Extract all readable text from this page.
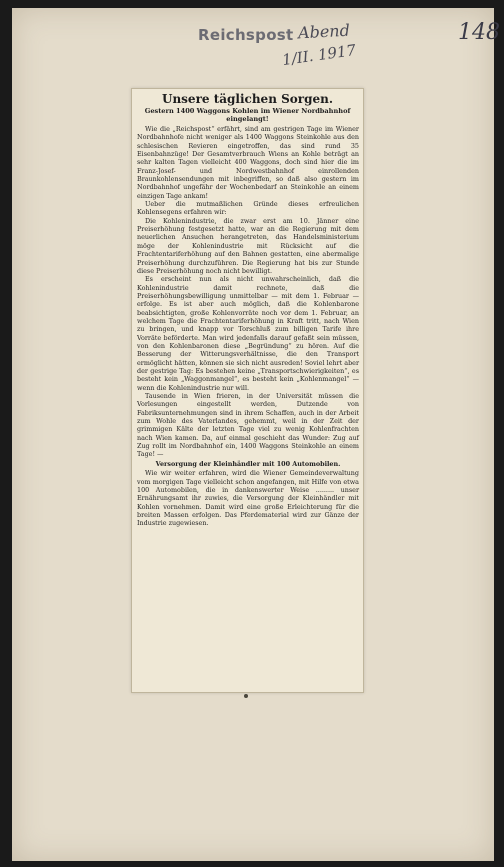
Reichspost Abend
1/II. 1917
148
Unsere täglichen Sorgen.
Gestern 1400 Waggons Kohlen im Wiener Nordbahnhof eingelangt!

Wie die „Reichspost“ erfährt, sind am gestrigen Tage im Wiener Nordbahnhofe nicht weniger als 1400 Waggons Steinkohle aus den schlesischen Revieren eingetroffen, das sind rund 35 Eisenbahnzüge! Der Gesamtverbrauch Wiens an Kohle beträgt an sehr kalten Tagen vielleicht 400 Waggons, doch sind hier die im Franz-Josef- und Nordwestbahnhof einrollenden Braunkohlensendungen mit inbegriffen, so daß also gestern im Nordbahnhof ungefähr der Wochenbedarf an Steinkohle an einem einzigen Tage ankam!

Ueber die mutmaßlichen Gründe dieses erfreulichen Kohlensegens erfahren wir:

Die Kohlenindustrie, die zwar erst am 10. Jänner eine Preiserhöhung festgesetzt hatte, war an die Regierung mit dem neuerlichen Ansuchen herangetreten, das Handelsministerium möge der Kohlenindustrie mit Rücksicht auf die Frachtentariferhöhung auf den Bahnen gestatten, eine abermalige Preiserhöhung durchzuführen. Die Regierung hat bis zur Stunde diese Preiserhöhung noch nicht bewilligt.

Es erscheint nun als nicht unwahrscheinlich, daß die Kohlenindustrie damit rechnete, daß die Preiserhöhungsbewilligung unmittelbar — mit dem 1. Februar — erfolge. Es ist aber auch möglich, daß die Kohlenbarone beabsichtigten, große Kohlenvorräte noch vor dem 1. Februar, an welchem Tage die Frachtentariferhöhung in Kraft tritt, nach Wien zu bringen, und knapp vor Torschluß zum billigen Tarife ihre Vorräte beförderte. Man wird jedenfalls darauf gefaßt sein müssen, von den Kohlenbaronen diese „Begründung“ zu hören. Auf die Besserung der Witterungsverhältnisse, die den Transport ermöglicht hätten, können sie sich nicht ausreden! Soviel lehrt aber der gestrige Tag: Es bestehen keine „Transportschwierigkeiten“, es besteht kein „Waggonmangel“, es besteht kein „Kohlenmangel“ — wenn die Kohlenindustrie nur will.

Tausende in Wien frieren, in der Universität müssen die Vorlesungen eingestellt werden, Dutzende von Fabriksunternehmungen sind in ihrem Schaffen, auch in der Arbeit zum Wohle des Vaterlandes, gehemmt, weil in der Zeit der grimmigen Kälte der letzten Tage viel zu wenig Kohlenfrachten nach Wien kamen. Da, auf einmal geschieht das Wunder: Zug auf Zug rollt im Nordbahnhof ein, 1400 Waggons Steinkohle an einem Tage! —

Versorgung der Kleinhändler mit 100 Automobilen.

Wie wir weiter erfahren, wird die Wiener Gemeindeverwaltung vom morgigen Tage vielleicht schon angefangen, mit Hilfe von etwa 100 Automobilen, die in dankenswerter Weise ......... unser Ernährungsamt ihr zuwies, die Versorgung der Kleinhändler mit Kohlen vornehmen. Damit wird eine große Erleichterung für die breiten Massen erfolgen. Das Pferdematerial wird zur Gänze der Industrie zugewiesen.
